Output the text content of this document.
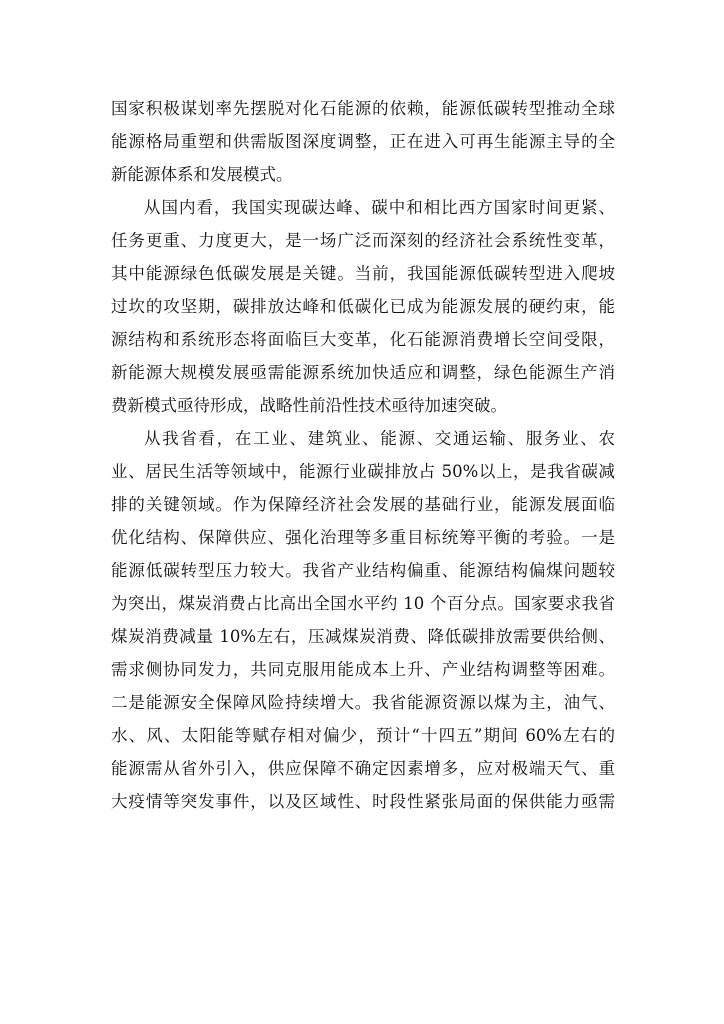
国家积极谋划率先摆脱对化石能源的依赖，能源低碳转型推动全球
能源格局重塑和供需版图深度调整，正在进入可再生能源主导的全
新能源体系和发展模式。
从国内看，我国实现碳达峰、碳中和相比西方国家时间更紧、
任务更重、力度更大，是一场广泛而深刻的经济社会系统性变革，
其中能源绿色低碳发展是关键。当前，我国能源低碳转型进入爬坡
过坎的攻坚期，碳排放达峰和低碳化已成为能源发展的硬约束，能
源结构和系统形态将面临巨大变革，化石能源消费增长空间受限，
新能源大规模发展亟需能源系统加快适应和调整，绿色能源生产消
费新模式亟待形成，战略性前沿性技术亟待加速突破。
从我省看，在工业、建筑业、能源、交通运输、服务业、农
业、居民生活等领域中，能源行业碳排放占 50%以上，是我省碳减
排的关键领域。作为保障经济社会发展的基础行业，能源发展面临
优化结构、保障供应、强化治理等多重目标统筹平衡的考验。一是
能源低碳转型压力较大。我省产业结构偏重、能源结构偏煤问题较
为突出，煤炭消费占比高出全国水平约 10 个百分点。国家要求我省
煤炭消费减量 10%左右，压减煤炭消费、降低碳排放需要供给侧、
需求侧协同发力，共同克服用能成本上升、产业结构调整等困难。
二是能源安全保障风险持续增大。我省能源资源以煤为主，油气、
水、风、太阳能等赋存相对偏少，预计“十四五”期间 60%左右的
能源需从省外引入，供应保障不确定因素增多，应对极端天气、重
大疫情等突发事件，以及区域性、时段性紧张局面的保供能力亟需
